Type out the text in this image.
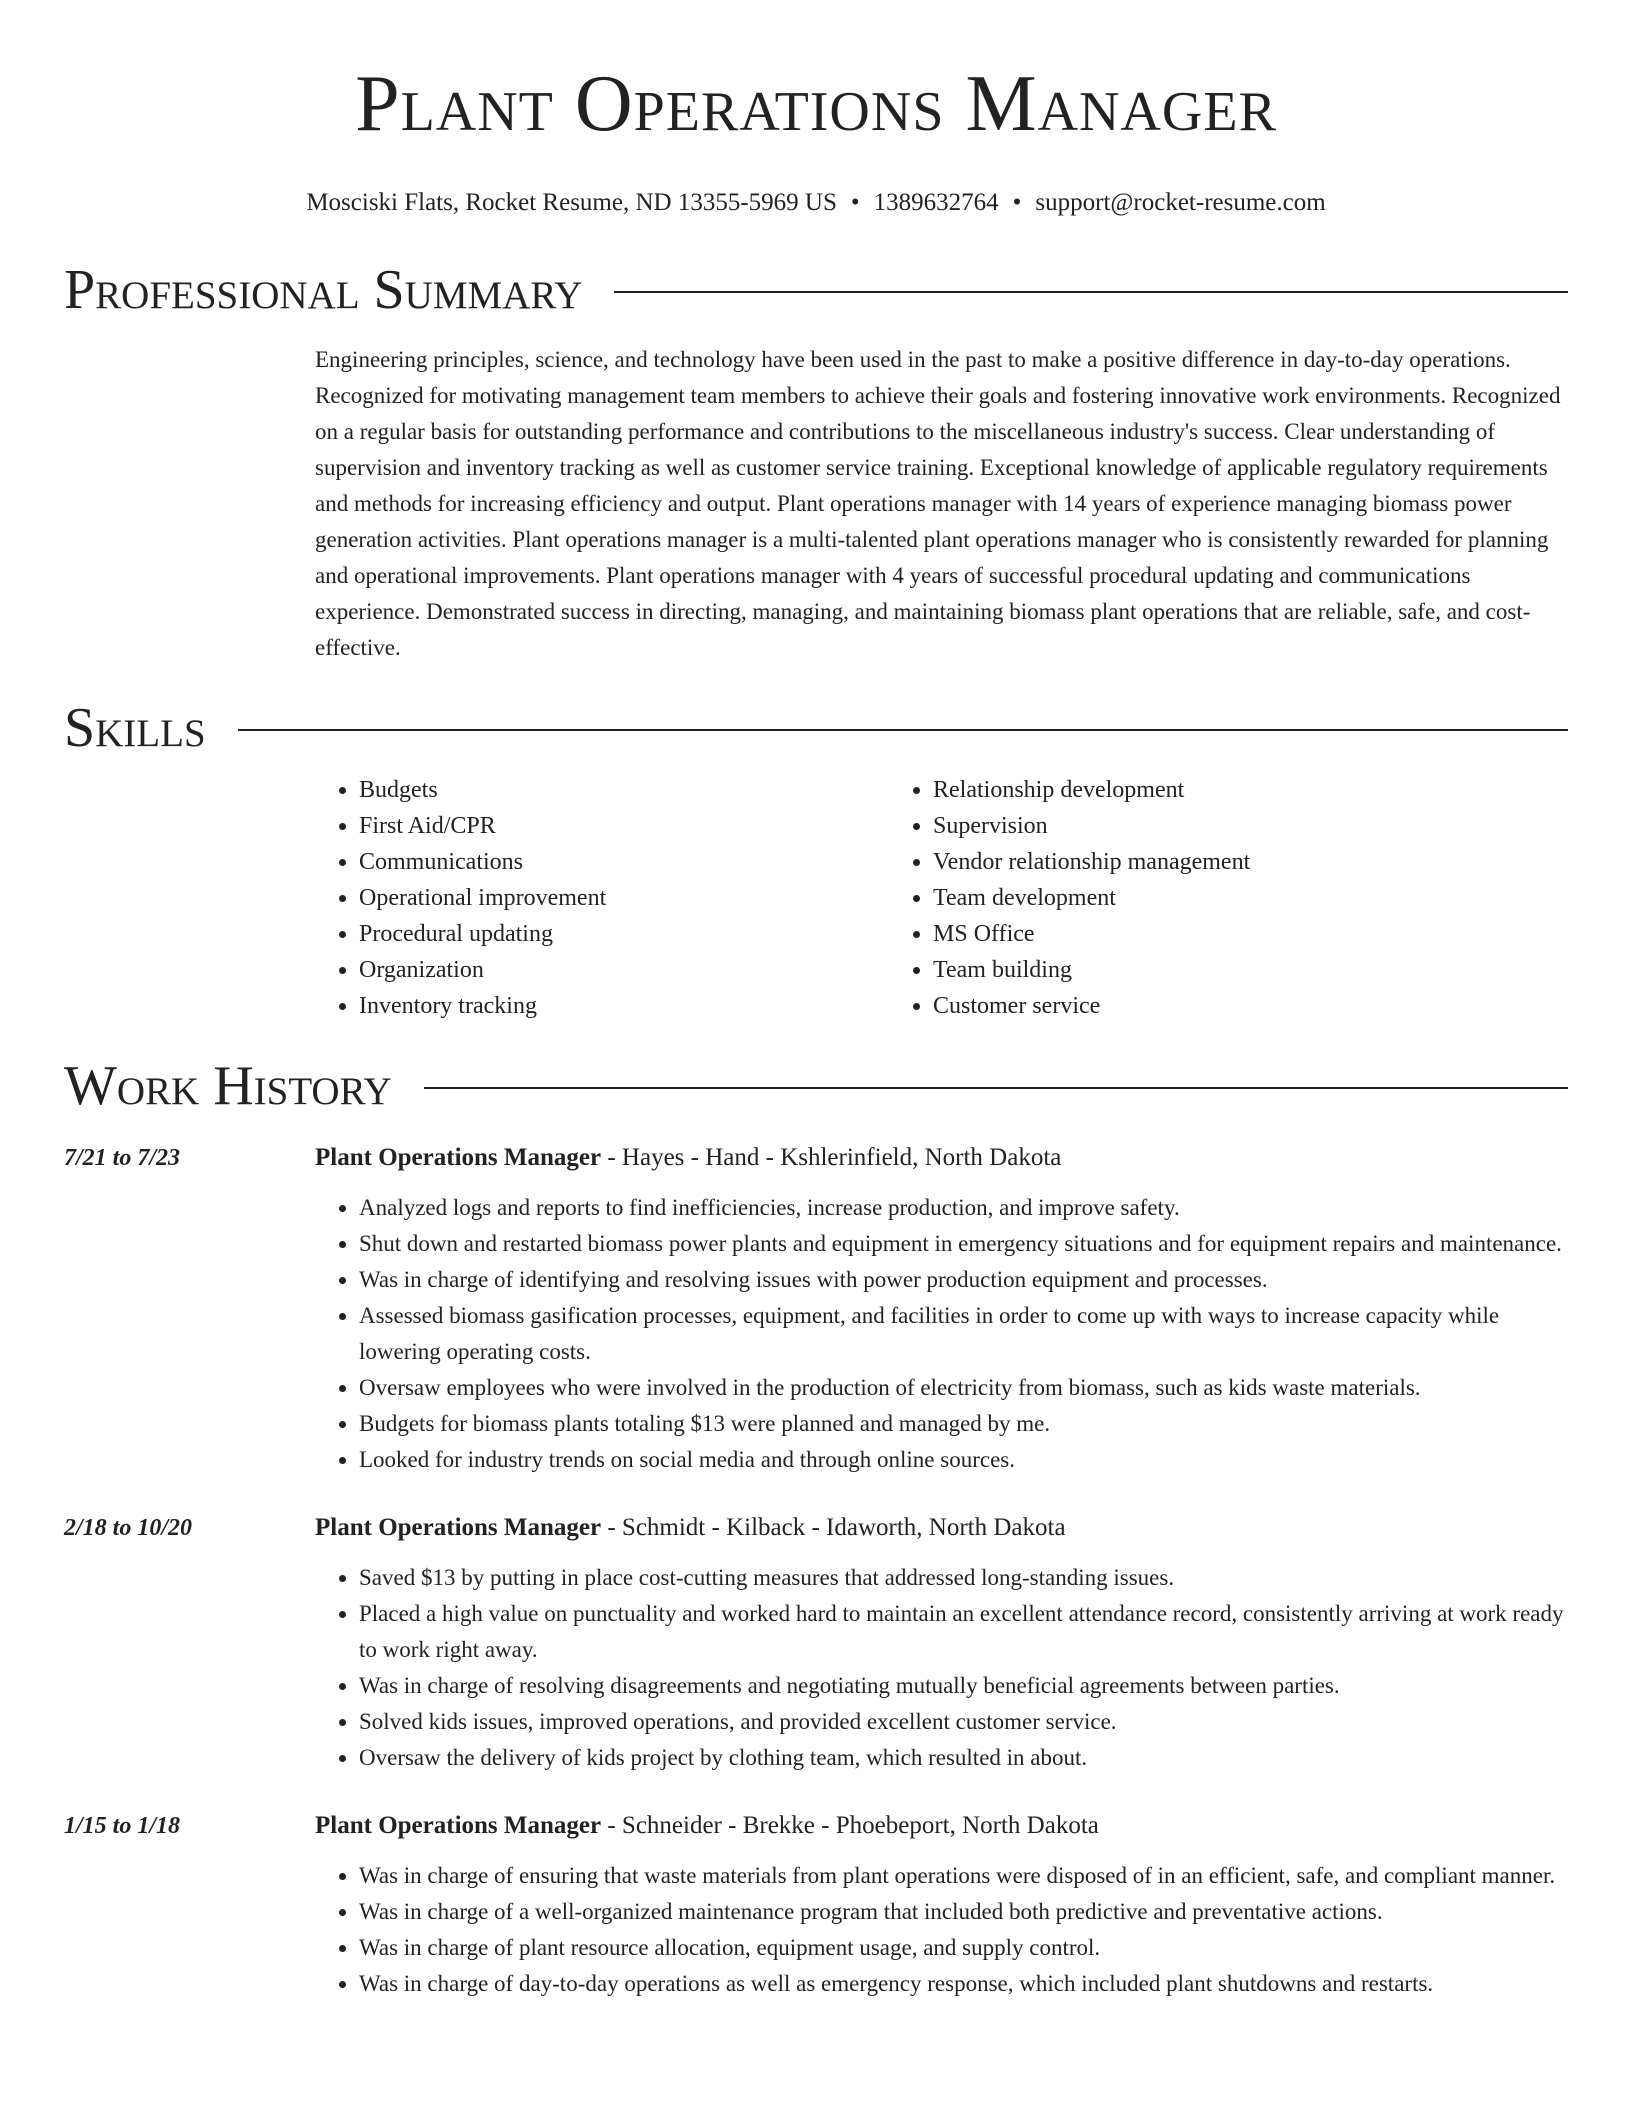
Plant Operations Manager
Mosciski Flats, Rocket Resume, ND 13355-5969 US • 1389632764 • support@rocket-resume.com
Professional Summary
Engineering principles, science, and technology have been used in the past to make a positive difference in day-to-day operations. Recognized for motivating management team members to achieve their goals and fostering innovative work environments. Recognized on a regular basis for outstanding performance and contributions to the miscellaneous industry's success. Clear understanding of supervision and inventory tracking as well as customer service training. Exceptional knowledge of applicable regulatory requirements and methods for increasing efficiency and output. Plant operations manager with 14 years of experience managing biomass power generation activities. Plant operations manager is a multi-talented plant operations manager who is consistently rewarded for planning and operational improvements. Plant operations manager with 4 years of successful procedural updating and communications experience. Demonstrated success in directing, managing, and maintaining biomass plant operations that are reliable, safe, and cost-effective.
Skills
• Budgets
• First Aid/CPR
• Communications
• Operational improvement
• Procedural updating
• Organization
• Inventory tracking
• Relationship development
• Supervision
• Vendor relationship management
• Team development
• MS Office
• Team building
• Customer service
Work History
7/21 to 7/23	Plant Operations Manager - Hayes - Hand - Kshlerinfield, North Dakota
• Analyzed logs and reports to find inefficiencies, increase production, and improve safety.
• Shut down and restarted biomass power plants and equipment in emergency situations and for equipment repairs and maintenance.
• Was in charge of identifying and resolving issues with power production equipment and processes.
• Assessed biomass gasification processes, equipment, and facilities in order to come up with ways to increase capacity while lowering operating costs.
• Oversaw employees who were involved in the production of electricity from biomass, such as kids waste materials.
• Budgets for biomass plants totaling $13 were planned and managed by me.
• Looked for industry trends on social media and through online sources.
2/18 to 10/20	Plant Operations Manager - Schmidt - Kilback - Idaworth, North Dakota
• Saved $13 by putting in place cost-cutting measures that addressed long-standing issues.
• Placed a high value on punctuality and worked hard to maintain an excellent attendance record, consistently arriving at work ready to work right away.
• Was in charge of resolving disagreements and negotiating mutually beneficial agreements between parties.
• Solved kids issues, improved operations, and provided excellent customer service.
• Oversaw the delivery of kids project by clothing team, which resulted in about.
1/15 to 1/18	Plant Operations Manager - Schneider - Brekke - Phoebeport, North Dakota
• Was in charge of ensuring that waste materials from plant operations were disposed of in an efficient, safe, and compliant manner.
• Was in charge of a well-organized maintenance program that included both predictive and preventative actions.
• Was in charge of plant resource allocation, equipment usage, and supply control.
• Was in charge of day-to-day operations as well as emergency response, which included plant shutdowns and restarts.
